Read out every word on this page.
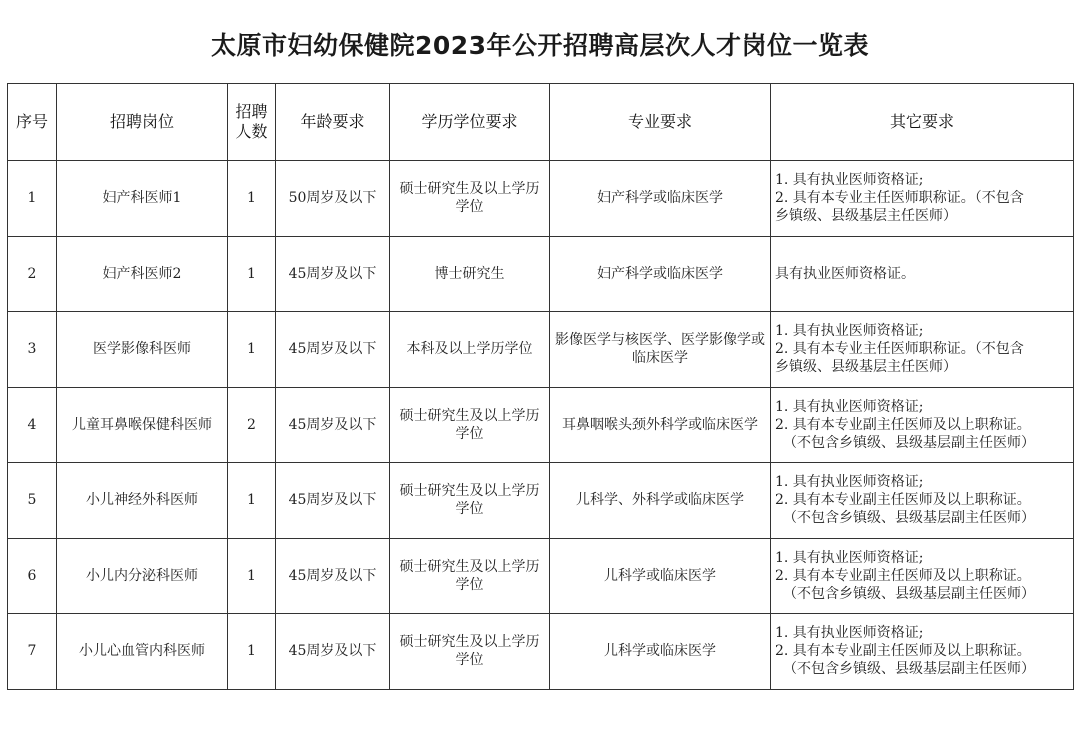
太原市妇幼保健院2023年公开招聘高层次人才岗位一览表
序号	招聘岗位	招聘
人数	年龄要求	学历学位要求	专业要求	其它要求
1	妇产科医师1	1	50周岁及以下	硕士研究生及以上学历学位	妇产科学或临床医学	1. 具有执业医师资格证;
2. 具有本专业主任医师职称证。（不包含
乡镇级、县级基层主任医师）

2	妇产科医师2	1	45周岁及以下	博士研究生	妇产科学或临床医学	具有执业医师资格证。

3	医学影像科医师	1	45周岁及以下	本科及以上学历学位	影像医学与核医学、医学影像学或临床医学	1. 具有执业医师资格证;
2. 具有本专业主任医师职称证。（不包含
乡镇级、县级基层主任医师）

4	儿童耳鼻喉保健科医师	2	45周岁及以下	硕士研究生及以上学历学位	耳鼻咽喉头颈外科学或临床医学	1. 具有执业医师资格证;
2. 具有本专业副主任医师及以上职称证。
（不包含乡镇级、县级基层副主任医师）

5	小儿神经外科医师	1	45周岁及以下	硕士研究生及以上学历学位	儿科学、外科学或临床医学	1. 具有执业医师资格证;
2. 具有本专业副主任医师及以上职称证。
（不包含乡镇级、县级基层副主任医师）

6	小儿内分泌科医师	1	45周岁及以下	硕士研究生及以上学历学位	儿科学或临床医学	1. 具有执业医师资格证;
2. 具有本专业副主任医师及以上职称证。
（不包含乡镇级、县级基层副主任医师）

7	小儿心血管内科医师	1	45周岁及以下	硕士研究生及以上学历学位	儿科学或临床医学	1. 具有执业医师资格证;
2. 具有本专业副主任医师及以上职称证。
（不包含乡镇级、县级基层副主任医师）
